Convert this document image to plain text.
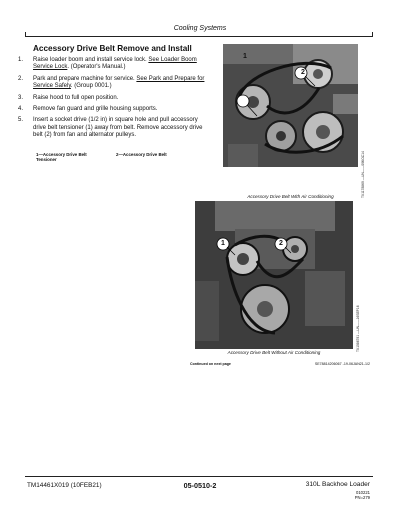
Cooling Systems
Accessory Drive Belt Remove and Install
1. Raise loader boom and install service lock. See Loader Boom Service Lock. (Operator's Manual.)
2. Park and prepare machine for service. See Park and Prepare for Service Safely. (Group 0001.)
3. Raise hood to full open position.
4. Remove fan guard and grille housing supports.
5. Insert a socket drive (1/2 in) in square hole and pull accessory drive belt tensioner (1) away from belt. Remove accessory drive belt (2) from fan and alternator pulleys.
1—Accessory Drive Belt Tensioner
2—Accessory Drive Belt
1
2
TX1178869 —UN——00KOC14
Accessory Drive Belt With Air Conditioning
1	2
TX1086791 —UN——16SEP16
Accessory Drive Belt Without Air Conditioning
Continued on next page	SE78814206067 -19-06JAN21-1/2
TM14461X019 (10FEB21)	05-0510-2	310L Backhoe Loader
010221
PN=279
